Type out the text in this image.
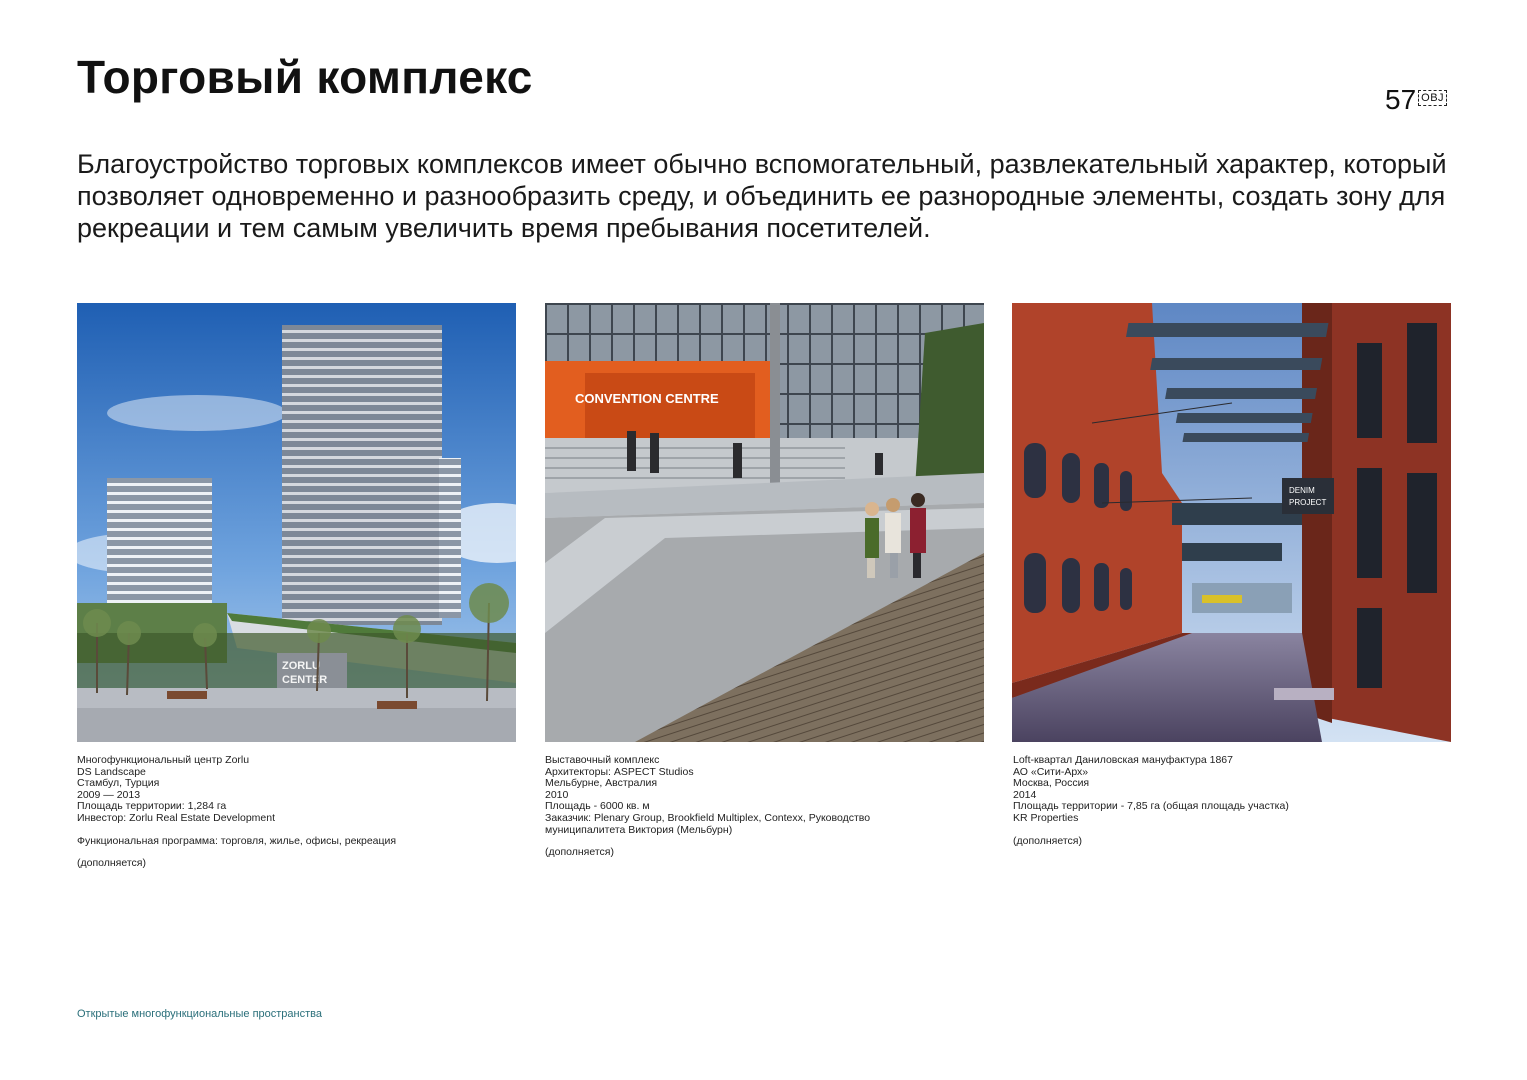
Торговый комплекс	57 OBJ

Благоустройство торговых комплексов имеет обычно вспомогательный, развлекательный характер, который позволяет одновременно и разнообразить среду, и объединить ее разнородные элементы, создать зону для рекреации и тем самым увеличить время пребывания посетителей.

ZORLU
CENTER
CONVENTION CENTRE
DENIM
PROJECT

Многофункциональный центр Zorlu

DS Landscape

Стамбул, Турция

2009 — 2013

Площадь территории: 1,284 га

Инвестор: Zorlu Real Estate Development

Функциональная программа: торговля, жилье, офисы, рекреация

(дополняется)

Выставочный комплекс

Архитекторы: ASPECT Studios

Мельбурне, Австралия

2010

Площадь - 6000 кв. м

Заказчик: Plenary Group, Brookfield Multiplex, Contexx, Руководство муниципалитета Виктория (Мельбурн)

(дополняется)

Loft-квартал Даниловская мануфактура 1867

АО «Сити-Арх»

Москва, Россия

2014

Площадь территории - 7,85 га (общая площадь участка)

KR Properties

(дополняется)

Открытые многофункциональные пространства
